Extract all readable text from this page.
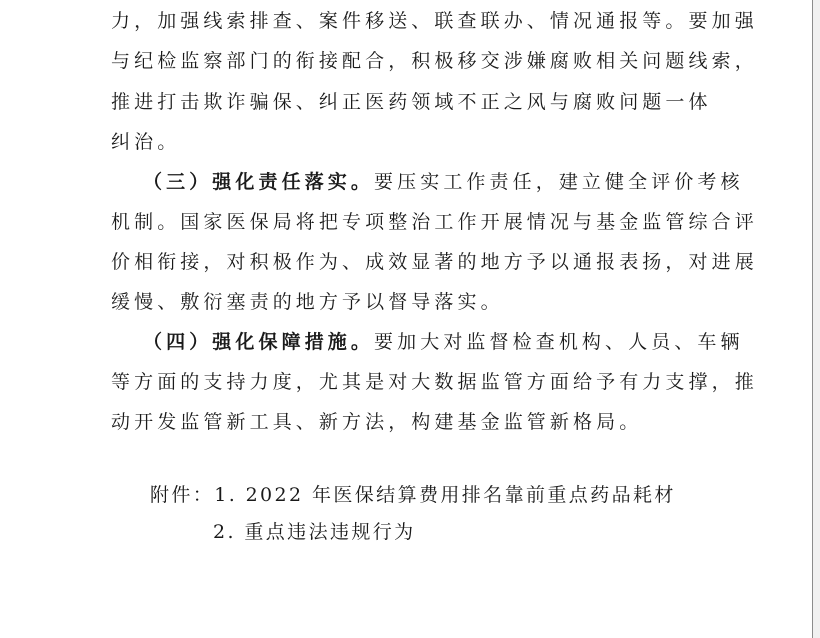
力，加强线索排查、案件移送、联查联办、情况通报等。要加强

与纪检监察部门的衔接配合，积极移交涉嫌腐败相关问题线索，

推进打击欺诈骗保、纠正医药领域不正之风与腐败问题一体

纠治。

（三）强化责任落实。要压实工作责任，建立健全评价考核

机制。国家医保局将把专项整治工作开展情况与基金监管综合评

价相衔接，对积极作为、成效显著的地方予以通报表扬，对进展

缓慢、敷衍塞责的地方予以督导落实。

（四）强化保障措施。要加大对监督检查机构、人员、车辆

等方面的支持力度，尤其是对大数据监管方面给予有力支撑，推

动开发监管新工具、新方法，构建基金监管新格局。

附件：1. 2022 年医保结算费用排名靠前重点药品耗材

2. 重点违法违规行为
